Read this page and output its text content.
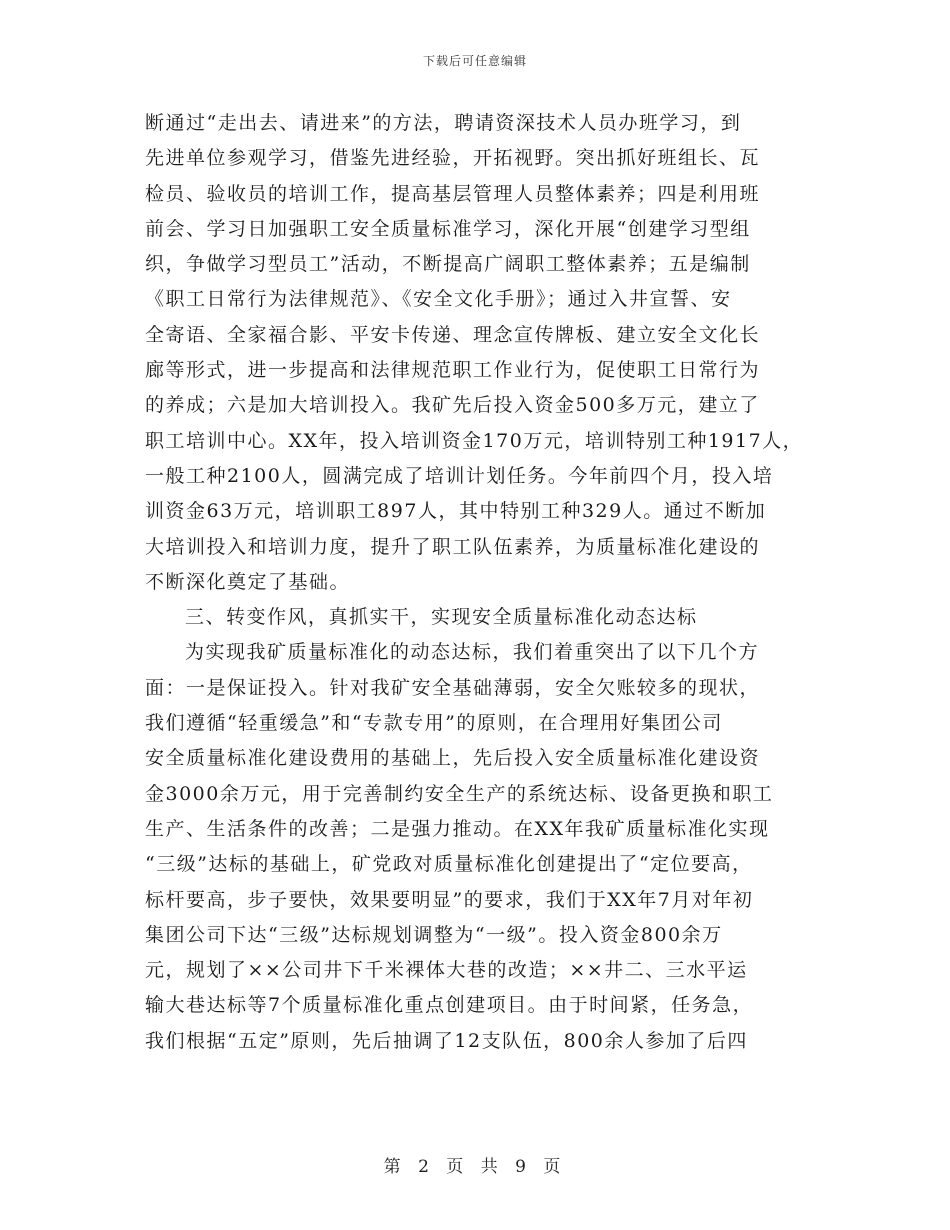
下载后可任意编辑
断通过“走出去、请进来”的方法，聘请资深技术人员办班学习，到
先进单位参观学习，借鉴先进经验，开拓视野。突出抓好班组长、瓦
检员、验收员的培训工作，提高基层管理人员整体素养；四是利用班
前会、学习日加强职工安全质量标准学习，深化开展“创建学习型组
织，争做学习型员工”活动，不断提高广阔职工整体素养；五是编制
《职工日常行为法律规范》、《安全文化手册》；通过入井宣誓、安
全寄语、全家福合影、平安卡传递、理念宣传牌板、建立安全文化长
廊等形式，进一步提高和法律规范职工作业行为，促使职工日常行为
的养成；六是加大培训投入。我矿先后投入资金500多万元，建立了
职工培训中心。XX年，投入培训资金170万元，培训特别工种1917人，
一般工种2100人，圆满完成了培训计划任务。今年前四个月，投入培
训资金63万元，培训职工897人，其中特别工种329人。通过不断加
大培训投入和培训力度，提升了职工队伍素养，为质量标准化建设的
不断深化奠定了基础。
三、转变作风，真抓实干，实现安全质量标准化动态达标
为实现我矿质量标准化的动态达标，我们着重突出了以下几个方
面：一是保证投入。针对我矿安全基础薄弱，安全欠账较多的现状，
我们遵循“轻重缓急”和“专款专用”的原则，在合理用好集团公司
安全质量标准化建设费用的基础上，先后投入安全质量标准化建设资
金3000余万元，用于完善制约安全生产的系统达标、设备更换和职工
生产、生活条件的改善；二是强力推动。在XX年我矿质量标准化实现
“三级”达标的基础上，矿党政对质量标准化创建提出了“定位要高，
标杆要高，步子要快，效果要明显”的要求，我们于XX年7月对年初
集团公司下达“三级”达标规划调整为“一级”。投入资金800余万
元，规划了××公司井下千米裸体大巷的改造；××井二、三水平运
输大巷达标等7个质量标准化重点创建项目。由于时间紧，任务急，
我们根据“五定”原则，先后抽调了12支队伍，800余人参加了后四
第 2 页 共 9 页
